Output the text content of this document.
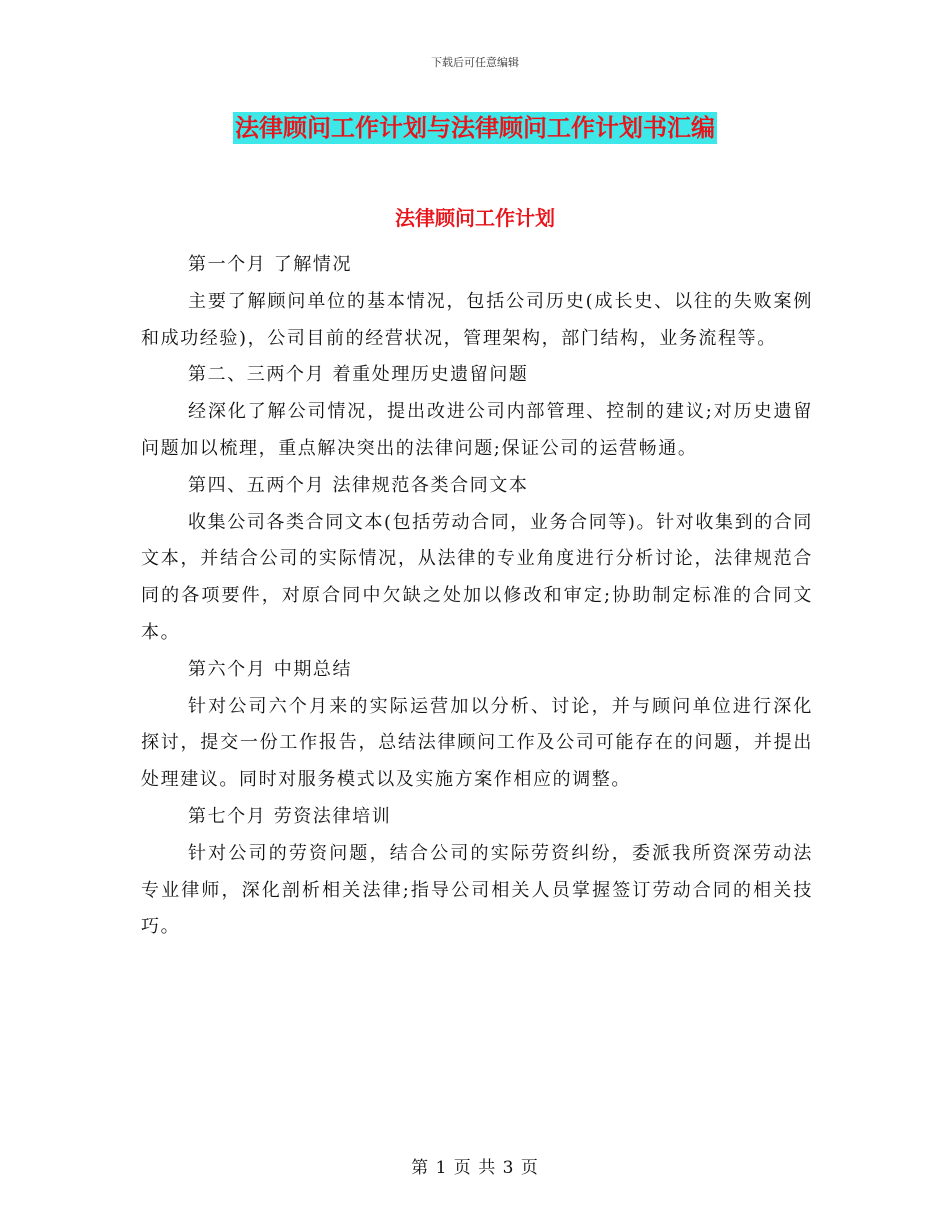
下载后可任意编辑
法律顾问工作计划与法律顾问工作计划书汇编
法律顾问工作计划

第一个月 了解情况

主要了解顾问单位的基本情况，包括公司历史(成长史、以往的失败案例和成功经验)，公司目前的经营状况，管理架构，部门结构，业务流程等。

第二、三两个月 着重处理历史遗留问题

经深化了解公司情况，提出改进公司内部管理、控制的建议;对历史遗留问题加以梳理，重点解决突出的法律问题;保证公司的运营畅通。

第四、五两个月 法律规范各类合同文本

收集公司各类合同文本(包括劳动合同，业务合同等)。针对收集到的合同文本，并结合公司的实际情况，从法律的专业角度进行分析讨论，法律规范合同的各项要件，对原合同中欠缺之处加以修改和审定;协助制定标准的合同文本。

第六个月 中期总结

针对公司六个月来的实际运营加以分析、讨论，并与顾问单位进行深化探讨，提交一份工作报告，总结法律顾问工作及公司可能存在的问题，并提出处理建议。同时对服务模式以及实施方案作相应的调整。

第七个月 劳资法律培训

针对公司的劳资问题，结合公司的实际劳资纠纷，委派我所资深劳动法专业律师，深化剖析相关法律;指导公司相关人员掌握签订劳动合同的相关技巧。

第 1 页 共 3 页
